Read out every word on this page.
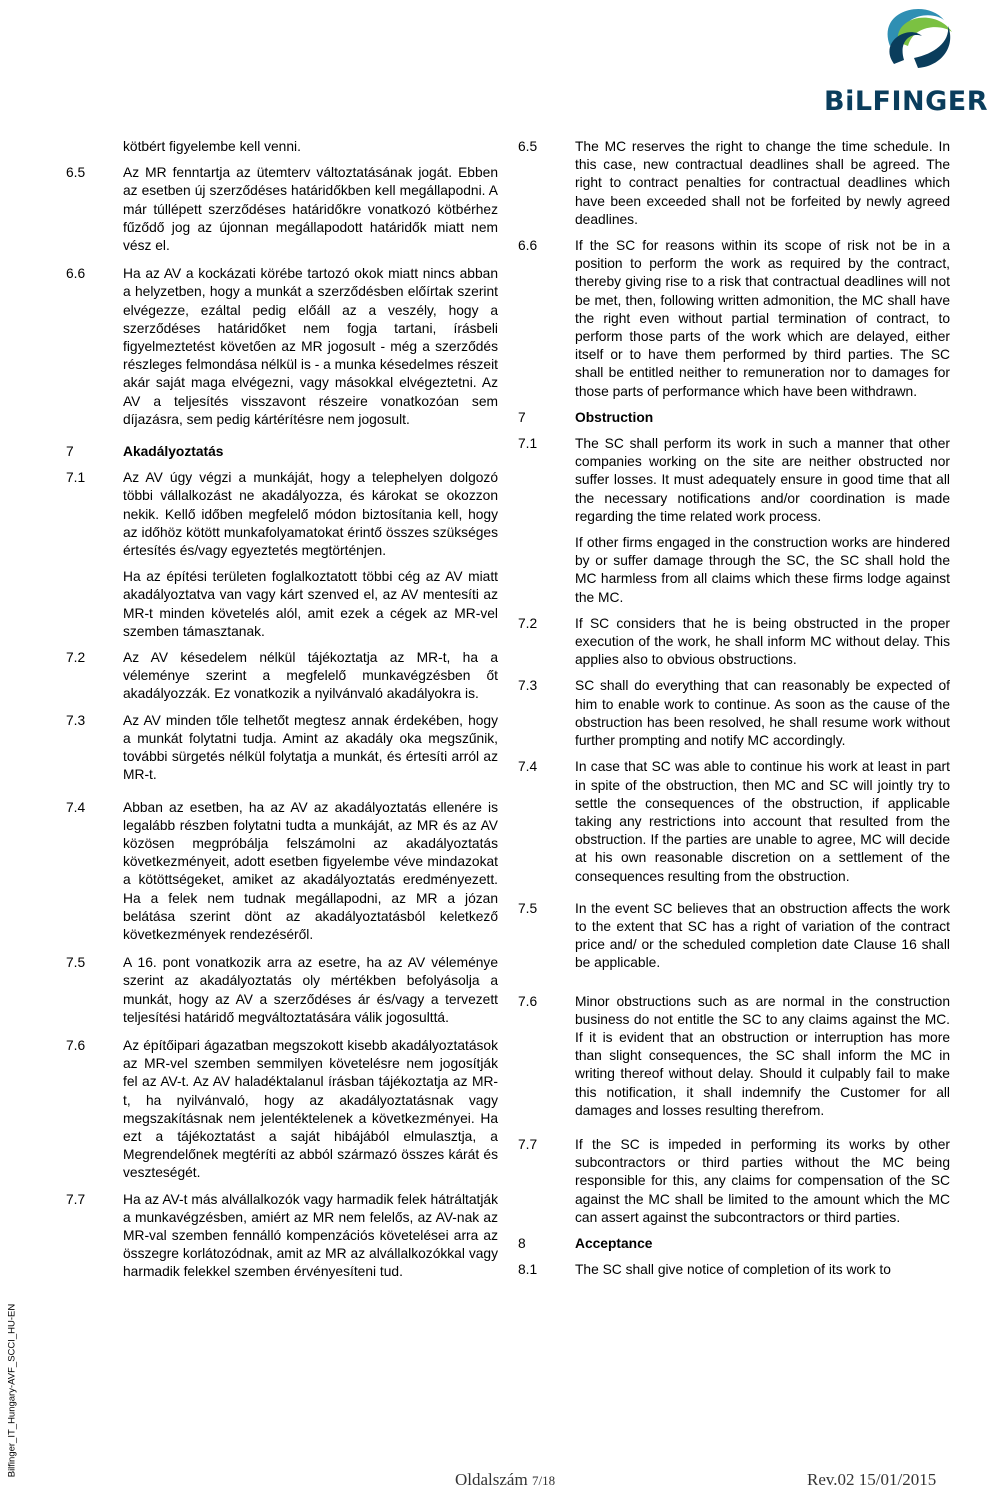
BiLFINGER
kötbért figyelembe kell venni.
6.5	Az MR fenntartja az ütemterv változtatásának jogát. Ebben az esetben új szerződéses határidőkben kell megállapodni. A már túllépett szerződéses határidőkre vonatkozó kötbérhez fűződő jog az újonnan megállapodott határidők miatt nem vész el.
6.6	Ha az AV a kockázati körébe tartozó okok miatt nincs abban a helyzetben, hogy a munkát a szerződésben előírtak szerint elvégezze, ezáltal pedig előáll az a veszély, hogy a szerződéses határidőket nem fogja tartani, írásbeli figyelmeztetést követően az MR jogosult - még a szerződés részleges felmondása nélkül is - a munka késedelmes részeit akár saját maga elvégezni, vagy másokkal elvégeztetni. Az AV a teljesítés visszavont részeire vonatkozóan sem díjazásra, sem pedig kártérítésre nem jogosult.
7	Akadályoztatás
7.1	Az AV úgy végzi a munkáját, hogy a telephelyen dolgozó többi vállalkozást ne akadályozza, és károkat se okozzon nekik. Kellő időben megfelelő módon biztosítania kell, hogy az időhöz kötött munkafolyamatokat érintő összes szükséges értesítés és/vagy egyeztetés megtörténjen.
Ha az építési területen foglalkoztatott többi cég az AV miatt akadályoztatva van vagy kárt szenved el, az AV mentesíti az MR-t minden követelés alól, amit ezek a cégek az MR-vel szemben támasztanak.
7.2	Az AV késedelem nélkül tájékoztatja az MR-t, ha a véleménye szerint a megfelelő munkavégzésben őt akadályozzák. Ez vonatkozik a nyilvánvaló akadályokra is.
7.3	Az AV minden tőle telhetőt megtesz annak érdekében, hogy a munkát folytatni tudja. Amint az akadály oka megszűnik, további sürgetés nélkül folytatja a munkát, és értesíti arról az MR-t.
7.4	Abban az esetben, ha az AV az akadályoztatás ellenére is legalább részben folytatni tudta a munkáját, az MR és az AV közösen megpróbálja felszámolni az akadályoztatás következményeit, adott esetben figyelembe véve mindazokat a kötöttségeket, amiket az akadályoztatás eredményezett. Ha a felek nem tudnak megállapodni, az MR a józan belátása szerint dönt az akadályoztatásból keletkező következmények rendezéséről.
7.5	A 16. pont vonatkozik arra az esetre, ha az AV véleménye szerint az akadályoztatás oly mértékben befolyásolja a munkát, hogy az AV a szerződéses ár és/vagy a tervezett teljesítési határidő megváltoztatására válik jogosulttá.
7.6	Az építőipari ágazatban megszokott kisebb akadályoztatások az MR-vel szemben semmilyen követelésre nem jogosítják fel az AV-t. Az AV haladéktalanul írásban tájékoztatja az MR-t, ha nyilvánvaló, hogy az akadályoztatásnak vagy megszakításnak nem jelentéktelenek a következményei. Ha ezt a tájékoztatást a saját hibájából elmulasztja, a Megrendelőnek megtéríti az abból származó összes kárát és veszteségét.
7.7	Ha az AV-t más alvállalkozók vagy harmadik felek hátráltatják a munkavégzésben, amiért az MR nem felelős, az AV-nak az MR-val szemben fennálló kompenzációs követelései arra az összegre korlátozódnak, amit az MR az alvállalkozókkal vagy harmadik felekkel szemben érvényesíteni tud.
6.5	The MC reserves the right to change the time schedule. In this case, new contractual deadlines shall be agreed. The right to contract penalties for contractual deadlines which have been exceeded shall not be forfeited by newly agreed deadlines.
6.6	If the SC for reasons within its scope of risk not be in a position to perform the work as required by the contract, thereby giving rise to a risk that contractual deadlines will not be met, then, following written admonition, the MC shall have the right even without partial termination of contract, to perform those parts of the work which are delayed, either itself or to have them performed by third parties. The SC shall be entitled neither to remuneration nor to damages for those parts of performance which have been withdrawn.
7	Obstruction
7.1	The SC shall perform its work in such a manner that other companies working on the site are neither obstructed nor suffer losses. It must adequately ensure in good time that all the necessary notifications and/or coordination is made regarding the time related work process.
If other firms engaged in the construction works are hindered by or suffer damage through the SC, the SC shall hold the MC harmless from all claims which these firms lodge against the MC.
7.2	If SC considers that he is being obstructed in the proper execution of the work, he shall inform MC without delay. This applies also to obvious obstructions.
7.3	SC shall do everything that can reasonably be expected of him to enable work to continue. As soon as the cause of the obstruction has been resolved, he shall resume work without further prompting and notify MC accordingly.
7.4	In case that SC was able to continue his work at least in part in spite of the obstruction, then MC and SC will jointly try to settle the consequences of the obstruction, if applicable taking any restrictions into account that resulted from the obstruction. If the parties are unable to agree, MC will decide at his own reasonable discretion on a settlement of the consequences resulting from the obstruction.
7.5	In the event SC believes that an obstruction affects the work to the extent that SC has a right of variation of the contract price and/ or the scheduled completion date Clause 16 shall be applicable.
7.6	Minor obstructions such as are normal in the construction business do not entitle the SC to any claims against the MC. If it is evident that an obstruction or interruption has more than slight consequences, the SC shall inform the MC in writing thereof without delay. Should it culpably fail to make this notification, it shall indemnify the Customer for all damages and losses resulting therefrom.
7.7	If the SC is impeded in performing its works by other subcontractors or third parties without the MC being responsible for this, any claims for compensation of the SC against the MC shall be limited to the amount which the MC can assert against the subcontractors or third parties.
8	Acceptance
8.1	The SC shall give notice of completion of its work to
Bilfinger_IT_Hungary-AVF_SCCI_HU-EN
Oldalszám 7/18	Rev.02 15/01/2015
